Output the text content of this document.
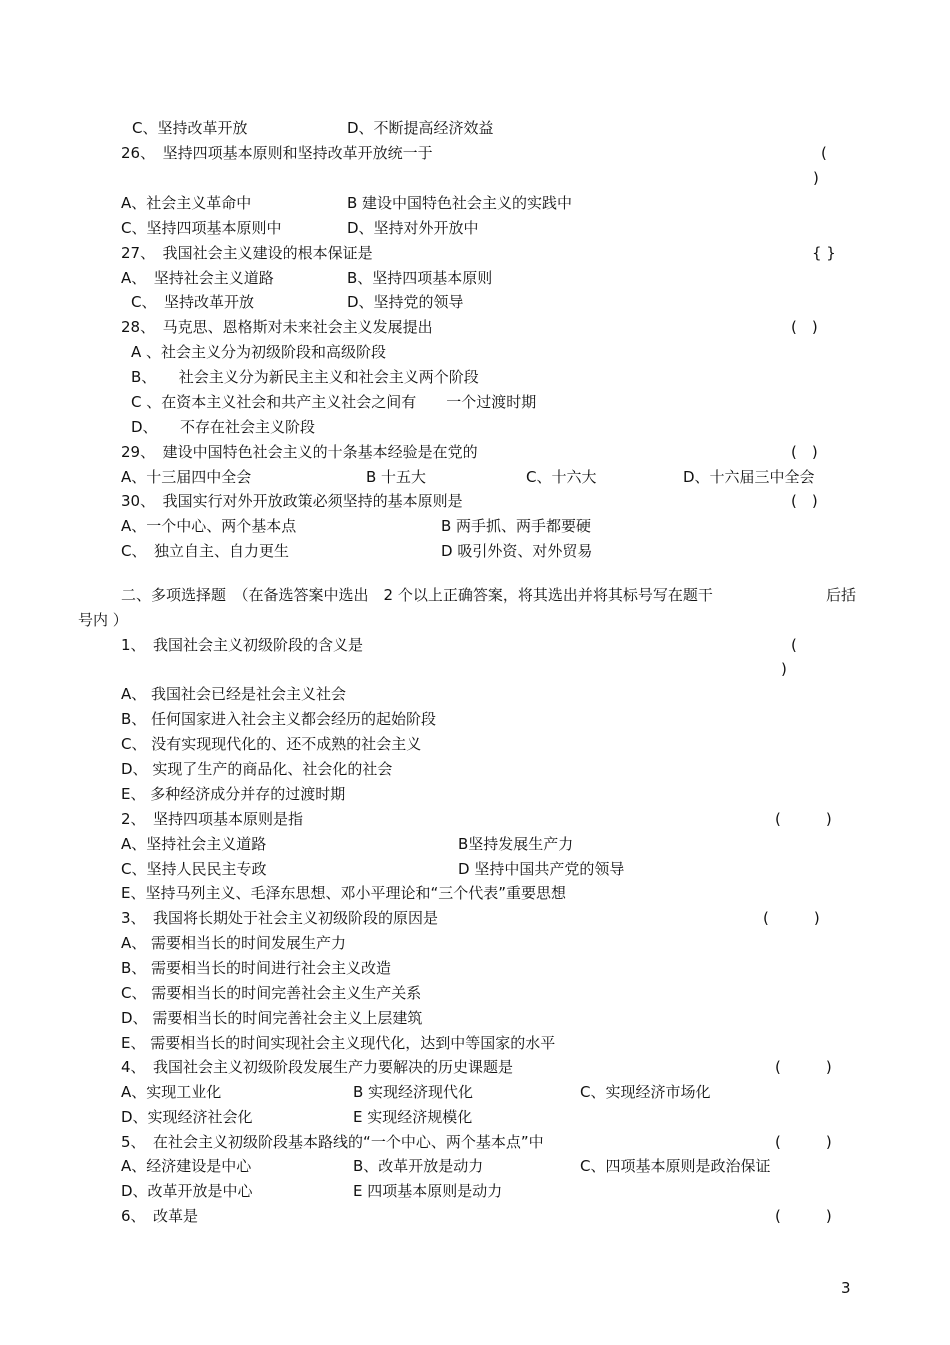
C、坚持改革开放	D、不断提高经济效益
26、　坚持四项基本原则和坚持改革开放统一于	(
)
A、社会主义革命中	B 建设中国特色社会主义的实践中
C、坚持四项基本原则中	D、坚持对外开放中
27、　我国社会主义建设的根本保证是	{ }
A、　坚持社会主义道路	B、坚持四项基本原则
C、　坚持改革开放	D、坚持党的领导
28、　马克思、恩格斯对未来社会主义发展提出	(　)
A 、社会主义分为初级阶段和高级阶段
B、　　社会主义分为新民主主义和社会主义两个阶段
C 、在资本主义社会和共产主义社会之间有　　一个过渡时期
D、　　不存在社会主义阶段
29、　建设中国特色社会主义的十条基本经验是在党的	(　)
A、十三届四中全会	B 十五大	C、十六大	D、十六届三中全会
30、　我国实行对外开放政策必须坚持的基本原则是	(　)
A、一个中心、两个基本点	B 两手抓、两手都要硬
C、　独立自主、自力更生	D 吸引外资、对外贸易
二、多项选择题　（在备选答案中选出　2 个以上正确答案，将其选出并将其标号写在题干	后括
号内 ）
1、　我国社会主义初级阶段的含义是	(
)
A、 我国社会已经是社会主义社会
B、 任何国家进入社会主义都会经历的起始阶段
C、 没有实现现代化的、还不成熟的社会主义
D、 实现了生产的商品化、社会化的社会
E、 多种经济成分并存的过渡时期
2、　坚持四项基本原则是指	(　　　)
A、坚持社会主义道路	B坚持发展生产力
C、坚持人民民主专政	D 坚持中国共产党的领导
E、坚持马列主义、毛泽东思想、邓小平理论和“三个代表”重要思想
3、　我国将长期处于社会主义初级阶段的原因是	(　　　)
A、 需要相当长的时间发展生产力
B、 需要相当长的时间进行社会主义改造
C、 需要相当长的时间完善社会主义生产关系
D、 需要相当长的时间完善社会主义上层建筑
E、 需要相当长的时间实现社会主义现代化，达到中等国家的水平
4、　我国社会主义初级阶段发展生产力要解决的历史课题是	(　　　)
A、实现工业化	B 实现经济现代化	C、实现经济市场化
D、实现经济社会化	E 实现经济规模化
5、　在社会主义初级阶段基本路线的“一个中心、两个基本点”中	(　　　)
A、经济建设是中心	B、改革开放是动力	C、四项基本原则是政治保证
D、改革开放是中心	E 四项基本原则是动力
6、　改革是	(　　　)
3
